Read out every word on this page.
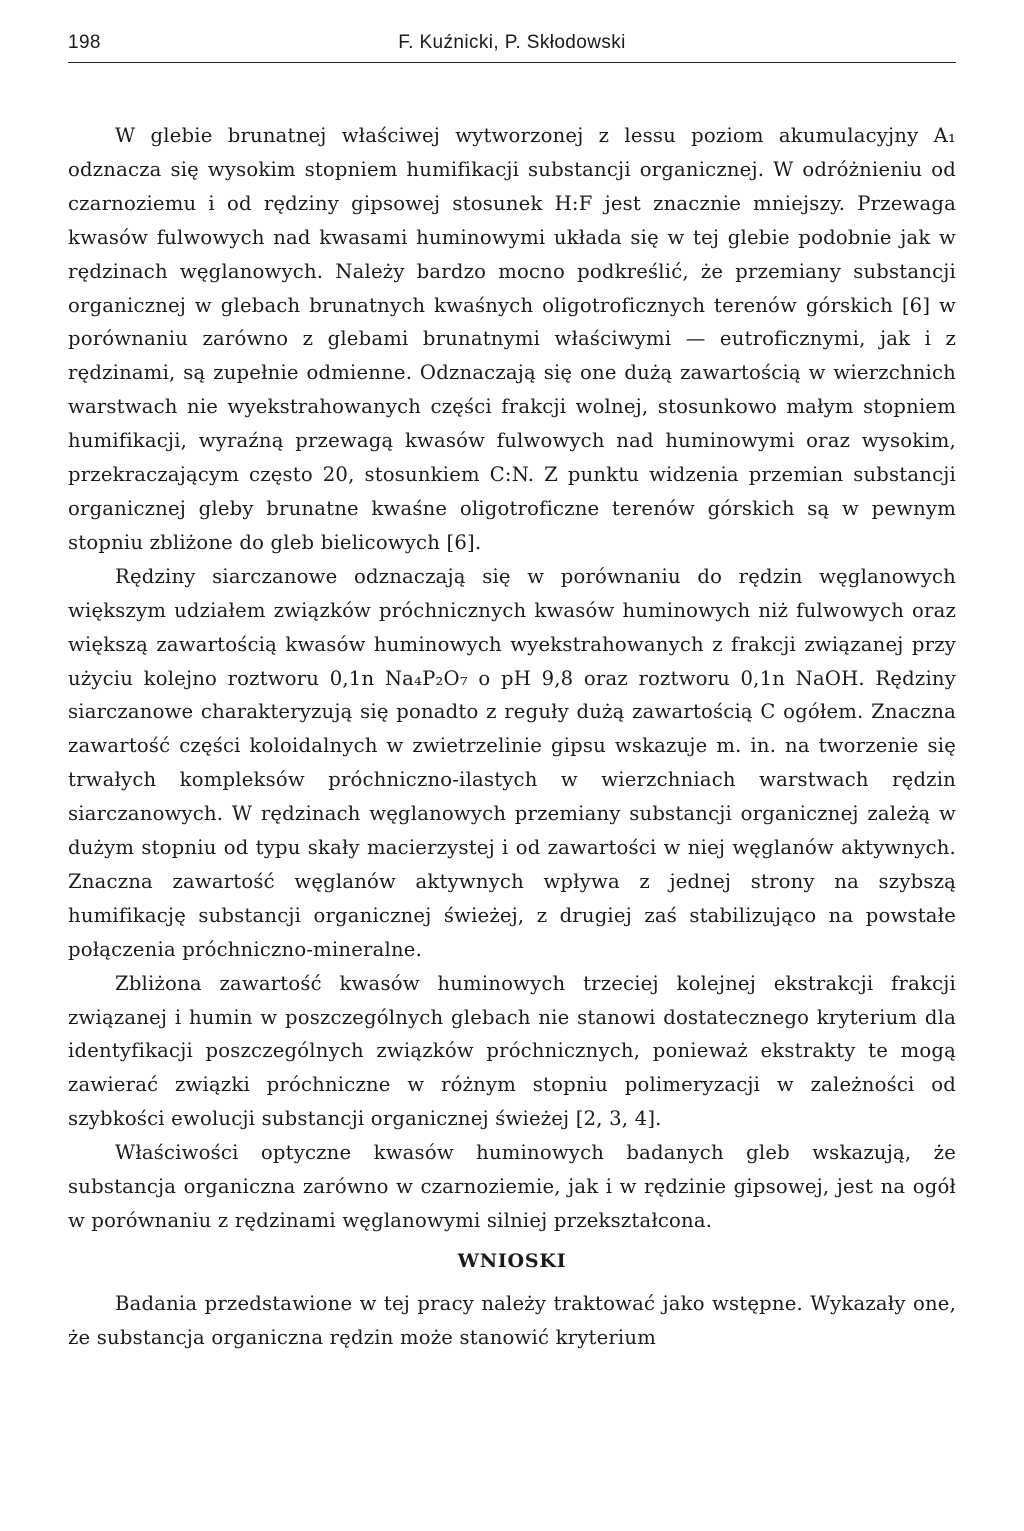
198	F. Kuźnicki, P. Skłodowski

W glebie brunatnej właściwej wytworzonej z lessu poziom akumulacyjny A₁ odznacza się wysokim stopniem humifikacji substancji organicznej. W odróżnieniu od czarnoziemu i od rędziny gipsowej stosunek H:F jest znacznie mniejszy. Przewaga kwasów fulwowych nad kwasami huminowymi układa się w tej glebie podobnie jak w rędzinach węglanowych. Należy bardzo mocno podkreślić, że przemiany substancji organicznej w glebach brunatnych kwaśnych oligotroficznych terenów górskich [6] w porównaniu zarówno z glebami brunatnymi właściwymi — eutroficznymi, jak i z rędzinami, są zupełnie odmienne. Odznaczają się one dużą zawartością w wierzchnich warstwach nie wyekstrahowanych części frakcji wolnej, stosunkowo małym stopniem humifikacji, wyraźną przewagą kwasów fulwowych nad huminowymi oraz wysokim, przekraczającym często 20, stosunkiem C:N. Z punktu widzenia przemian substancji organicznej gleby brunatne kwaśne oligotroficzne terenów górskich są w pewnym stopniu zbliżone do gleb bielicowych [6].

Rędziny siarczanowe odznaczają się w porównaniu do rędzin węglanowych większym udziałem związków próchnicznych kwasów huminowych niż fulwowych oraz większą zawartością kwasów huminowych wyekstrahowanych z frakcji związanej przy użyciu kolejno roztworu 0,1n Na₄P₂O₇ o pH 9,8 oraz roztworu 0,1n NaOH. Rędziny siarczanowe charakteryzują się ponadto z reguły dużą zawartością C ogółem. Znaczna zawartość części koloidalnych w zwietrzelinie gipsu wskazuje m. in. na tworzenie się trwałych kompleksów próchniczno-ilastych w wierzchniach warstwach rędzin siarczanowych. W rędzinach węglanowych przemiany substancji organicznej zależą w dużym stopniu od typu skały macierzystej i od zawartości w niej węglanów aktywnych. Znaczna zawartość węglanów aktywnych wpływa z jednej strony na szybszą humifikację substancji organicznej świeżej, z drugiej zaś stabilizująco na powstałe połączenia próchniczno-mineralne.

Zbliżona zawartość kwasów huminowych trzeciej kolejnej ekstrakcji frakcji związanej i humin w poszczególnych glebach nie stanowi dostatecznego kryterium dla identyfikacji poszczególnych związków próchnicznych, ponieważ ekstrakty te mogą zawierać związki próchniczne w różnym stopniu polimeryzacji w zależności od szybkości ewolucji substancji organicznej świeżej [2, 3, 4].

Właściwości optyczne kwasów huminowych badanych gleb wskazują, że substancja organiczna zarówno w czarnoziemie, jak i w rędzinie gipsowej, jest na ogół w porównaniu z rędzinami węglanowymi silniej przekształcona.

WNIOSKI

Badania przedstawione w tej pracy należy traktować jako wstępne. Wykazały one, że substancja organiczna rędzin może stanowić kryterium
